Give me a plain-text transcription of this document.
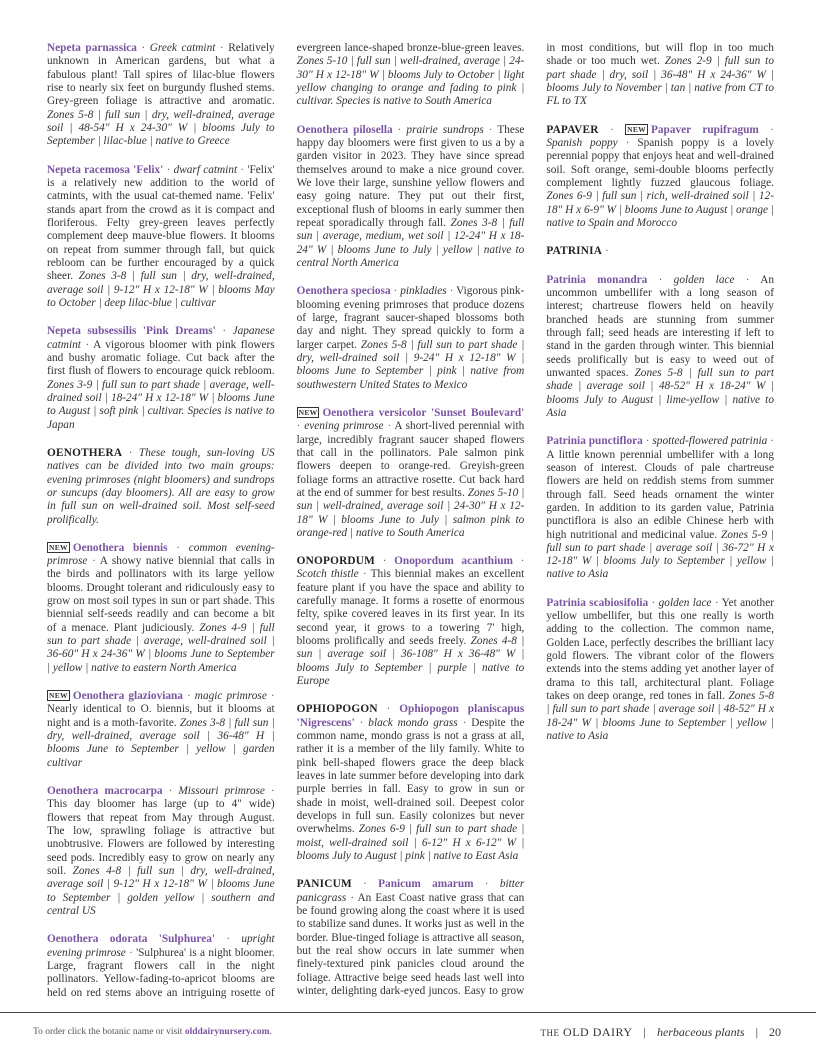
Nepeta parnassica · Greek catmint · Relatively unknown in American gardens, but what a fabulous plant! Tall spires of lilac-blue flowers rise to nearly six feet on burgundy flushed stems. Grey-green foliage is attractive and aromatic. Zones 5-8 | full sun | dry, well-drained, average soil | 48-54" H x 24-30" W | blooms July to September | lilac-blue | native to Greece

Nepeta racemosa 'Felix' · dwarf catmint · 'Felix' is a relatively new addition to the world of catmints, with the usual cat-themed name. 'Felix' stands apart from the crowd as it is compact and floriferous. Felty grey-green leaves perfectly complement deep mauve-blue flowers. It blooms on repeat from summer through fall, but quick rebloom can be further encouraged by a quick sheer. Zones 3-8 | full sun | dry, well-drained, average soil | 9-12" H x 12-18" W | blooms May to October | deep lilac-blue | cultivar

Nepeta subsessilis 'Pink Dreams' · Japanese catmint · A vigorous bloomer with pink flowers and bushy aromatic foliage. Cut back after the first flush of flowers to encourage quick rebloom. Zones 3-9 | full sun to part shade | average, well-drained soil | 18-24" H x 12-18" W | blooms June to August | soft pink | cultivar. Species is native to Japan

OENOTHERA · These tough, sun-loving US natives can be divided into two main groups: evening primroses (night bloomers) and sundrops or suncups (day bloomers). All are easy to grow in full sun on well-drained soil. Most self-seed prolifically.

NEW Oenothera biennis · common evening-primrose · A showy native biennial that calls in the birds and pollinators with its large yellow blooms. Drought tolerant and ridiculously easy to grow on most soil types in sun or part shade. This biennial self-seeds readily and can become a bit of a menace. Plant judiciously. Zones 4-9 | full sun to part shade | average, well-drained soil | 36-60" H x 24-36" W | blooms June to September | yellow | native to eastern North America

NEW Oenothera glazioviana · magic primrose · Nearly identical to O. biennis, but it blooms at night and is a moth-favorite. Zones 3-8 | full sun | dry, well-drained, average soil | 36-48" H | blooms June to September | yellow | garden cultivar

Oenothera macrocarpa · Missouri primrose · This day bloomer has large (up to 4" wide) flowers that repeat from May through August. The low, sprawling foliage is attractive but unobtrusive. Flowers are followed by interesting seed pods. Incredibly easy to grow on nearly any soil. Zones 4-8 | full sun | dry, well-drained, average soil | 9-12" H x 12-18" W | blooms June to September | golden yellow | southern and central US

Oenothera odorata 'Sulphurea' · upright evening primrose · 'Sulphurea' is a night bloomer. Large, fragrant flowers call in the night pollinators. Yellow-fading-to-apricot blooms are held on red stems above an intriguing rosette of evergreen lance-shaped bronze-blue-green leaves. Zones 5-10 | full sun | well-drained, average | 24-30" H x 12-18" W | blooms July to October | light yellow changing to orange and fading to pink | cultivar. Species is native to South America

Oenothera pilosella · prairie sundrops · These happy day bloomers were first given to us a by a garden visitor in 2023. They have since spread themselves around to make a nice ground cover. We love their large, sunshine yellow flowers and easy going nature. They put out their first, exceptional flush of blooms in early summer then repeat sporadically through fall. Zones 3-8 | full sun | average, medium, wet soil | 12-24" H x 18-24" W | blooms June to July | yellow | native to central North America

Oenothera speciosa · pinkladies · Vigorous pink-blooming evening primroses that produce dozens of large, fragrant saucer-shaped blossoms both day and night. They spread quickly to form a larger carpet. Zones 5-8 | full sun to part shade | dry, well-drained soil | 9-24" H x 12-18" W | blooms June to September | pink | native from southwestern United States to Mexico

NEW Oenothera versicolor 'Sunset Boulevard' · evening primrose · A short-lived perennial with large, incredibly fragrant saucer shaped flowers that call in the pollinators. Pale salmon pink flowers deepen to orange-red. Greyish-green foliage forms an attractive rosette. Cut back hard at the end of summer for best results. Zones 5-10 | sun | well-drained, average soil | 24-30" H x 12-18" W | blooms June to July | salmon pink to orange-red | native to South America

ONOPORDUM · Onopordum acanthium · Scotch thistle · This biennial makes an excellent feature plant if you have the space and ability to carefully manage. It forms a rosette of enormous felty, spike covered leaves in its first year. In its second year, it grows to a towering 7' high, blooms prolifically and seeds freely. Zones 4-8 | sun | average soil | 36-108" H x 36-48" W | blooms July to September | purple | native to Europe

OPHIOPOGON · Ophiopogon planiscapus 'Nigrescens' · black mondo grass · Despite the common name, mondo grass is not a grass at all, rather it is a member of the lily family. White to pink bell-shaped flowers grace the deep black leaves in late summer before developing into dark purple berries in fall. Easy to grow in sun or shade in moist, well-drained soil. Deepest color develops in full sun. Easily colonizes but never overwhelms. Zones 6-9 | full sun to part shade | moist, well-drained soil | 6-12" H x 6-12" W | blooms July to August | pink | native to East Asia

PANICUM · Panicum amarum · bitter panicgrass · An East Coast native grass that can be found growing along the coast where it is used to stabilize sand dunes. It works just as well in the border. Blue-tinged foliage is attractive all season, but the real show occurs in late summer when finely-textured pink panicles cloud around the foliage. Attractive beige seed heads last well into winter, delighting dark-eyed juncos. Easy to grow in most conditions, but will flop in too much shade or too much wet. Zones 2-9 | full sun to part shade | dry, soil | 36-48" H x 24-36" W | blooms July to November | tan | native from CT to FL to TX

PAPAVER · NEW Papaver rupifragum · Spanish poppy · Spanish poppy is a lovely perennial poppy that enjoys heat and well-drained soil. Soft orange, semi-double blooms perfectly complement lightly fuzzed glaucous foliage. Zones 6-9 | full sun | rich, well-drained soil | 12-18" H x 6-9" W | blooms June to August | orange | native to Spain and Morocco

PATRINIA ·

Patrinia monandra · golden lace · An uncommon umbellifer with a long season of interest; chartreuse flowers held on heavily branched heads are stunning from summer through fall; seed heads are interesting if left to stand in the garden through winter. This biennial seeds prolifically but is easy to weed out of unwanted spaces. Zones 5-8 | full sun to part shade | average soil | 48-52" H x 18-24" W | blooms July to August | lime-yellow | native to Asia

Patrinia punctiflora · spotted-flowered patrinia · A little known perennial umbellifer with a long season of interest. Clouds of pale chartreuse flowers are held on reddish stems from summer through fall. Seed heads ornament the winter garden. In addition to its garden value, Patrinia punctiflora is also an edible Chinese herb with high nutritional and medicinal value. Zones 5-9 | full sun to part shade | average soil | 36-72" H x 12-18" W | blooms July to September | yellow | native to Asia

Patrinia scabiosifolia · golden lace · Yet another yellow umbellifer, but this one really is worth adding to the collection. The common name, Golden Lace, perfectly describes the brilliant lacy gold flowers. The vibrant color of the flowers extends into the stems adding yet another layer of drama to this tall, architectural plant. Foliage takes on deep orange, red tones in fall. Zones 5-8 | full sun to part shade | average soil | 48-52" H x 18-24" W | blooms June to September | yellow | native to Asia

To order click the botanic name or visit olddairynursery.com.	THE OLD DAIRY | herbaceous plants | 20
